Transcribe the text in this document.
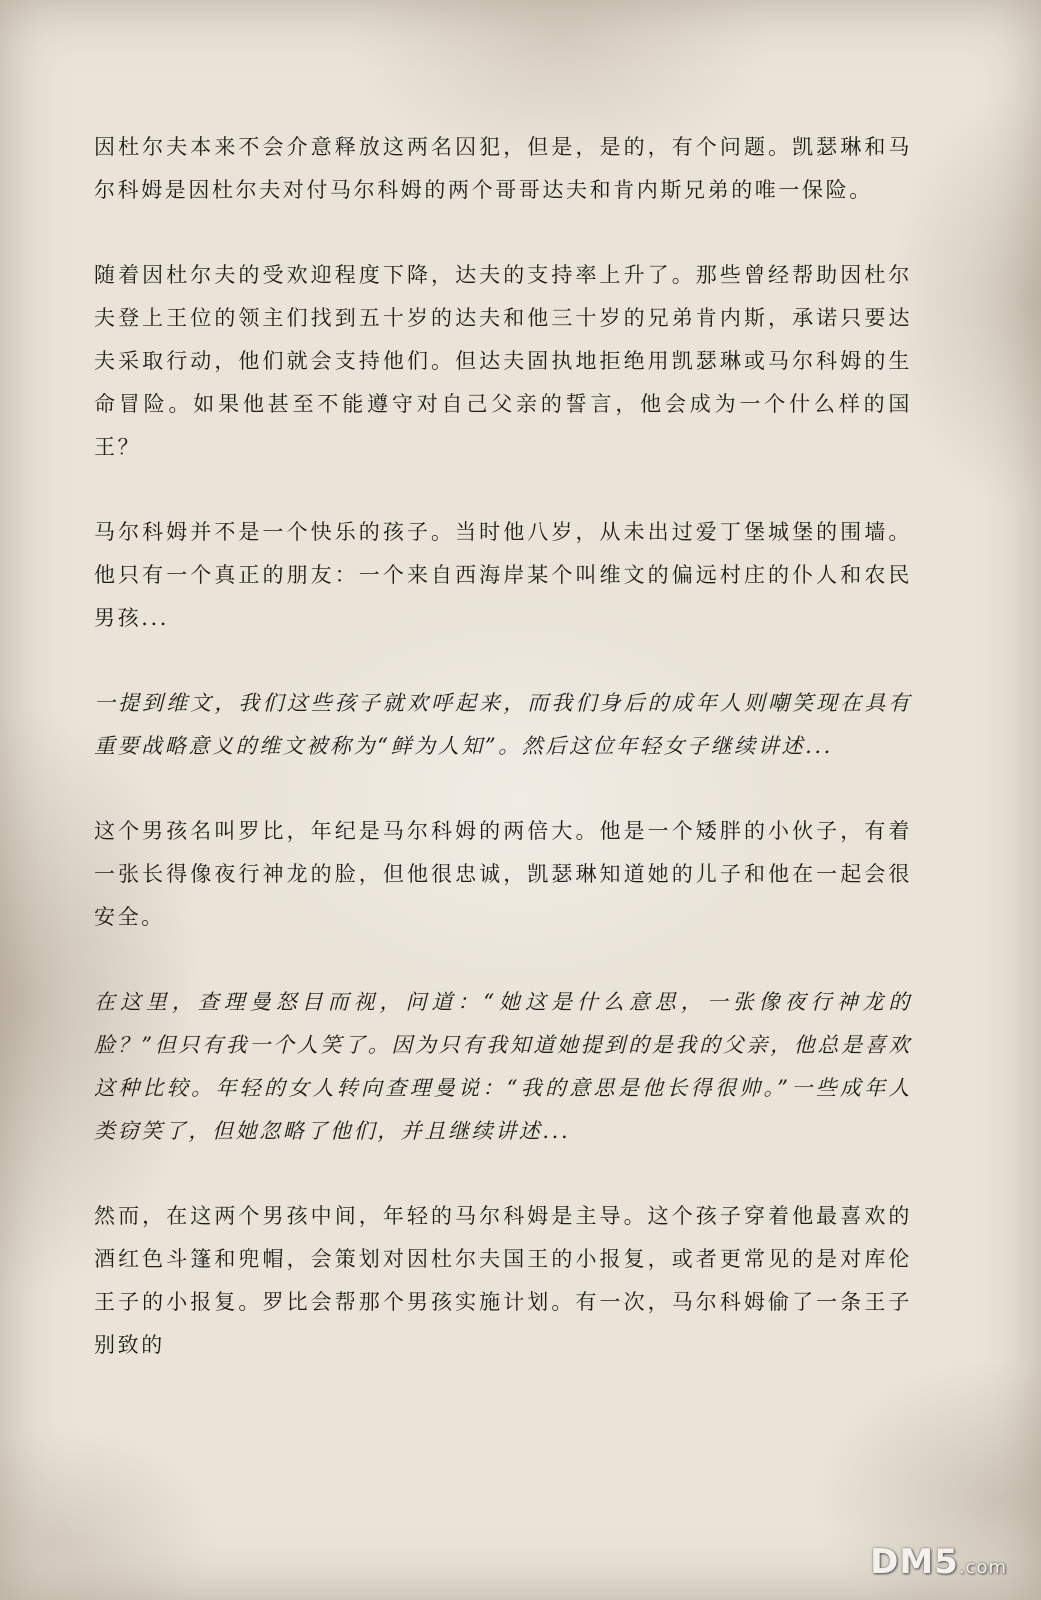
因杜尔夫本来不会介意释放这两名囚犯，但是，是的，有个问题。凯瑟琳和马尔科姆是因杜尔夫对付马尔科姆的两个哥哥达夫和肯内斯兄弟的唯一保险。

随着因杜尔夫的受欢迎程度下降，达夫的支持率上升了。那些曾经帮助因杜尔夫登上王位的领主们找到五十岁的达夫和他三十岁的兄弟肯内斯，承诺只要达夫采取行动，他们就会支持他们。但达夫固执地拒绝用凯瑟琳或马尔科姆的生命冒险。如果他甚至不能遵守对自己父亲的誓言，他会成为一个什么样的国王？

马尔科姆并不是一个快乐的孩子。当时他八岁，从未出过爱丁堡城堡的围墙。他只有一个真正的朋友：一个来自西海岸某个叫维文的偏远村庄的仆人和农民男孩...

一提到维文，我们这些孩子就欢呼起来，而我们身后的成年人则嘲笑现在具有重要战略意义的维文被称为“鲜为人知”。然后这位年轻女子继续讲述...

这个男孩名叫罗比，年纪是马尔科姆的两倍大。他是一个矮胖的小伙子，有着一张长得像夜行神龙的脸，但他很忠诚，凯瑟琳知道她的儿子和他在一起会很安全。

在这里，查理曼怒目而视，问道：“她这是什么意思，一张像夜行神龙的脸？”但只有我一个人笑了。因为只有我知道她提到的是我的父亲，他总是喜欢这种比较。年轻的女人转向查理曼说：“我的意思是他长得很帅。”一些成年人类窃笑了，但她忽略了他们，并且继续讲述...

然而，在这两个男孩中间，年轻的马尔科姆是主导。这个孩子穿着他最喜欢的酒红色斗篷和兜帽，会策划对因杜尔夫国王的小报复，或者更常见的是对库伦王子的小报复。罗比会帮那个男孩实施计划。有一次，马尔科姆偷了一条王子别致的

DM5.com
